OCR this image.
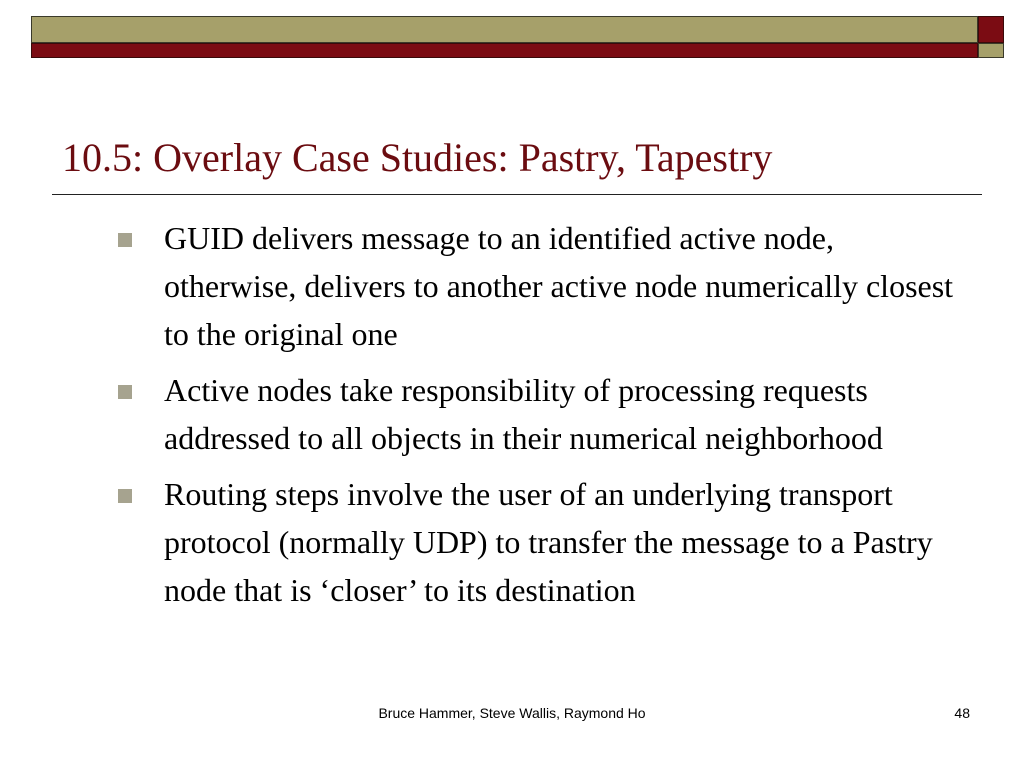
10.5: Overlay Case Studies: Pastry, Tapestry
GUID delivers message to an identified active node, otherwise, delivers to another active node numerically closest to the original one
Active nodes take responsibility of processing requests addressed to all objects in their numerical neighborhood
Routing steps involve the user of an underlying transport protocol (normally UDP) to transfer the message to a Pastry node that is ‘closer’ to its destination
Bruce Hammer, Steve Wallis, Raymond Ho	48
